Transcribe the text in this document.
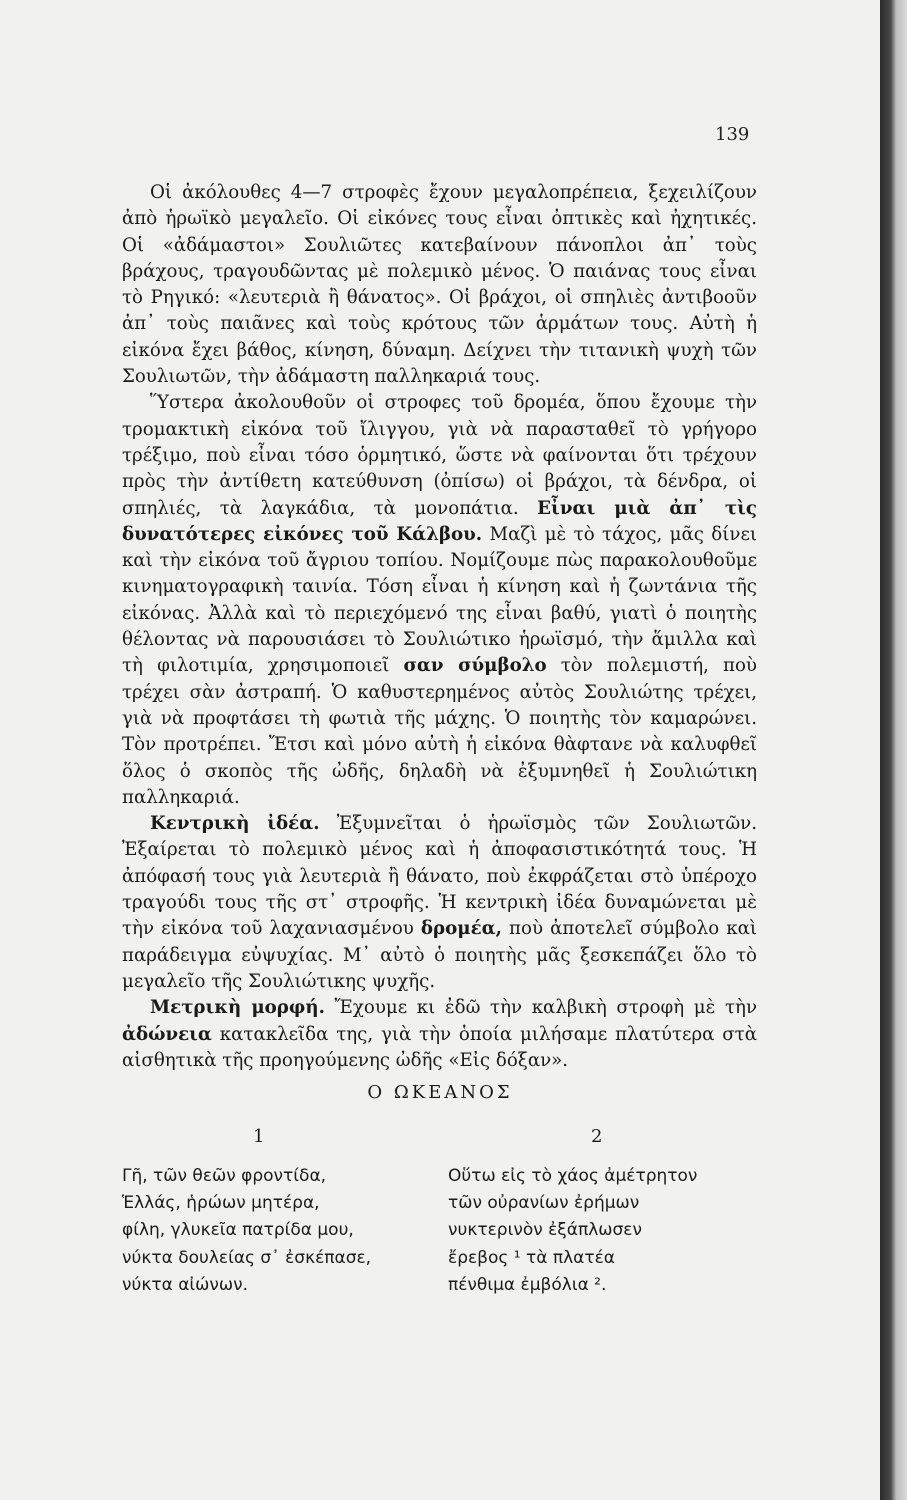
139

Οἱ ἀκόλουθες 4—7 στροφὲς ἔχουν μεγαλοπρέπεια, ξεχειλίζουν ἀπὸ ἡρωϊκὸ μεγαλεῖο. Οἱ εἰκόνες τους εἶναι ὀπτικὲς καὶ ἠχητικές. Οἱ «ἀδάμαστοι» Σουλιῶτες κατεβαίνουν πάνοπλοι ἀπ᾿ τοὺς βράχους, τραγουδῶντας μὲ πολεμικὸ μένος. Ὁ παιάνας τους εἶναι τὸ Ρηγικό: «λευτεριὰ ἢ θάνατος». Οἱ βράχοι, οἱ σπηλιὲς ἀντιβοοῦν ἀπ᾿ τοὺς παιᾶνες καὶ τοὺς κρότους τῶν ἁρμάτων τους. Αὐτὴ ἡ εἰκόνα ἔχει βάθος, κίνηση, δύναμη. Δείχνει τὴν τιτανικὴ ψυχὴ τῶν Σουλιωτῶν, τὴν ἀδάμαστη παλληκαριά τους.

Ὕστερα ἀκολουθοῦν οἱ στροφες τοῦ δρομέα, ὅπου ἔχουμε τὴν τρομακτικὴ εἰκόνα τοῦ ἴλιγγου, γιὰ νὰ παρασταθεῖ τὸ γρήγορο τρέξιμο, ποὺ εἶναι τόσο ὁρμητικό, ὥστε νὰ φαίνονται ὅτι τρέχουν πρὸς τὴν ἀντίθετη κατεύθυνση (ὀπίσω) οἱ βράχοι, τὰ δένδρα, οἱ σπηλιές, τὰ λαγκάδια, τὰ μονοπάτια. Εἶναι μιὰ ἀπ᾿ τὶς δυνατότερες εἰκόνες τοῦ Κάλβου. Μαζὶ μὲ τὸ τάχος, μᾶς δίνει καὶ τὴν εἰκόνα τοῦ ἄγριου τοπίου. Νομίζουμε πὼς παρακολουθοῦμε κινηματογραφικὴ ταινία. Τόση εἶναι ἡ κίνηση καὶ ἡ ζωντάνια τῆς εἰκόνας. Ἀλλὰ καὶ τὸ περιεχόμενό της εἶναι βαθύ, γιατὶ ὁ ποιητὴς θέλοντας νὰ παρουσιάσει τὸ Σουλιώτικο ἡρωϊσμό, τὴν ἅμιλλα καὶ τὴ φιλοτιμία, χρησιμοποιεῖ σαν σύμβολο τὸν πολεμιστή, ποὺ τρέχει σὰν ἀστραπή. Ὁ καθυστερημένος αὐτὸς Σουλιώτης τρέχει, γιὰ νὰ προφτάσει τὴ φωτιὰ τῆς μάχης. Ὁ ποιητὴς τὸν καμαρώνει. Τὸν προτρέπει. Ἔτσι καὶ μόνο αὐτὴ ἡ εἰκόνα θὰφτανε νὰ καλυφθεῖ ὅλος ὁ σκοπὸς τῆς ὠδῆς, δηλαδὴ νὰ ἐξυμνηθεῖ ἡ Σουλιώτικη παλληκαριά.

Κεντρικὴ ἰδέα. Ἐξυμνεῖται ὁ ἡρωϊσμὸς τῶν Σουλιωτῶν. Ἐξαίρεται τὸ πολεμικὸ μένος καὶ ἡ ἀποφασιστικότητά τους. Ἡ ἀπόφασή τους γιὰ λευτεριὰ ἢ θάνατο, ποὺ ἐκφράζεται στὸ ὑπέροχο τραγούδι τους τῆς στ᾿ στροφῆς. Ἡ κεντρικὴ ἰδέα δυναμώνεται μὲ τὴν εἰκόνα τοῦ λαχανιασμένου δρομέα, ποὺ ἀποτελεῖ σύμβολο καὶ παράδειγμα εὐψυχίας. Μ᾿ αὐτὸ ὁ ποιητὴς μᾶς ξεσκεπάζει ὅλο τὸ μεγαλεῖο τῆς Σουλιώτικης ψυχῆς.

Μετρικὴ μορφή. Ἔχουμε κι ἐδῶ τὴν καλβικὴ στροφὴ μὲ τὴν ἀδώνεια κατακλεῖδα της, γιὰ τὴν ὁποία μιλήσαμε πλατύτερα στὰ αἰσθητικὰ τῆς προηγούμενης ὠδῆς «Εἰς δόξαν».

Ο ΩΚΕΑΝΟΣ
1	2
Γῆ, τῶν θεῶν φροντίδα,
Ἑλλάς, ἡρώων μητέρα,
φίλη, γλυκεῖα πατρίδα μου,
νύκτα δουλείας σ᾿ ἐσκέπασε,
νύκτα αἰώνων.
Οὕτω εἰς τὸ χάος ἀμέτρητον
τῶν οὐρανίων ἐρήμων
νυκτερινὸν ἐξάπλωσεν
ἔρεβος ¹ τὰ πλατέα
πένθιμα ἐμβόλια ².
